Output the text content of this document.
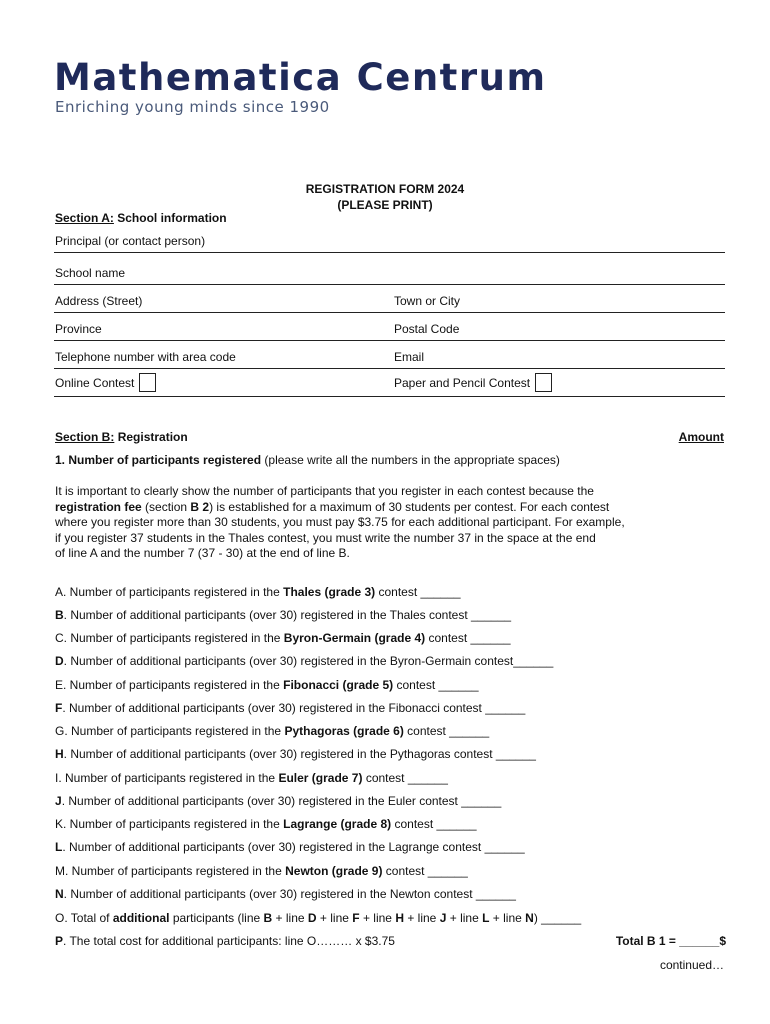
Mathematica Centrum
Enriching young minds since 1990
REGISTRATION FORM 2024
(PLEASE PRINT)
Section A: School information
Principal (or contact person)
School name
Address (Street)	Town or City
Province	Postal Code
Telephone number with area code	Email
Online Contest	Paper and Pencil Contest
Section B: Registration	Amount
1. Number of participants registered (please write all the numbers in the appropriate spaces)
It is important to clearly show the number of participants that you register in each contest because the
registration fee (section B 2) is established for a maximum of 30 students per contest. For each contest
where you register more than 30 students, you must pay $3.75 for each additional participant. For example,
if you register 37 students in the Thales contest, you must write the number 37 in the space at the end
of line A and the number 7 (37 - 30) at the end of line B.
A. Number of participants registered in the Thales (grade 3) contest ______
B. Number of additional participants (over 30) registered in the Thales contest ______
C. Number of participants registered in the Byron-Germain (grade 4) contest ______
D. Number of additional participants (over 30) registered in the Byron-Germain contest______
E. Number of participants registered in the Fibonacci (grade 5) contest ______
F. Number of additional participants (over 30) registered in the Fibonacci contest ______
G. Number of participants registered in the Pythagoras (grade 6) contest ______
H. Number of additional participants (over 30) registered in the Pythagoras contest ______
I. Number of participants registered in the Euler (grade 7) contest ______
J. Number of additional participants (over 30) registered in the Euler contest ______
K. Number of participants registered in the Lagrange (grade 8) contest ______
L. Number of additional participants (over 30) registered in the Lagrange contest ______
M. Number of participants registered in the Newton (grade 9) contest ______
N. Number of additional participants (over 30) registered in the Newton contest ______
O. Total of additional participants (line B + line D + line F + line H + line J + line L + line N) ______
P. The total cost for additional participants: line O……… x $3.75	Total B 1 = ______$
continued…
